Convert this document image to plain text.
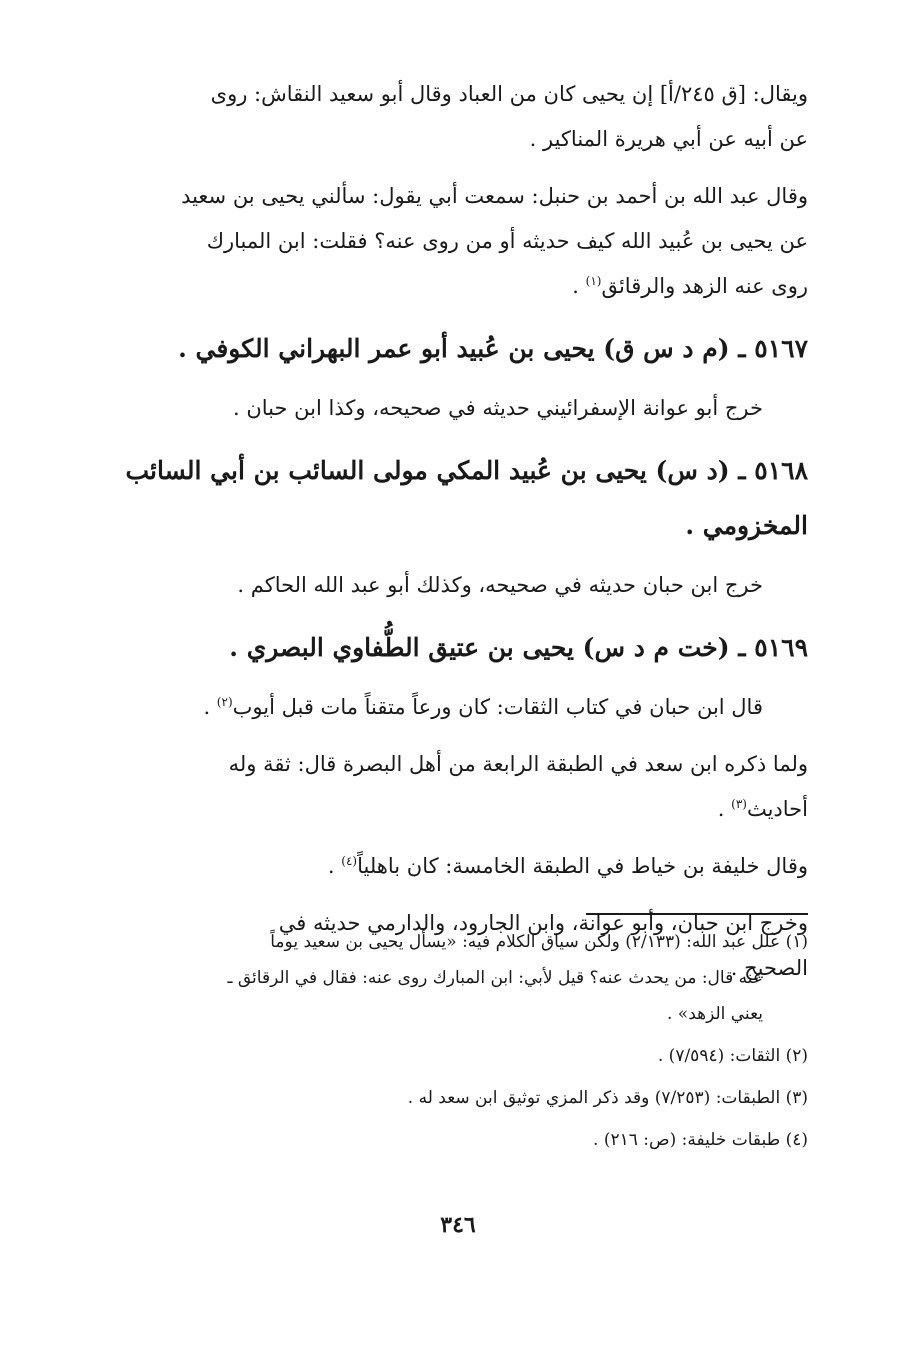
ويقال: [ق ٢٤٥/أ] إن يحيى كان من العباد وقال أبو سعيد النقاش: روى
عن أبيه عن أبي هريرة المناكير .
وقال عبد الله بن أحمد بن حنبل: سمعت أبي يقول: سألني يحيى بن سعيد
عن يحيى بن عُبيد الله كيف حديثه أو من روى عنه؟ فقلت: ابن المبارك
روى عنه الزهد والرقائق$^{(١)}$ .
٥١٦٧ ـ (م د س ق) يحيى بن عُبيد أبو عمر البهراني الكوفي .
خرج أبو عوانة الإسفرائيني حديثه في صحيحه، وكذا ابن حبان .
٥١٦٨ ـ (د س) يحيى بن عُبيد المكي مولى السائب بن أبي السائب
المخزومي .
خرج ابن حبان حديثه في صحيحه، وكذلك أبو عبد الله الحاكم .
٥١٦٩ ـ (خت م د س) يحيى بن عتيق الطُّفاوي البصري .
قال ابن حبان في كتاب الثقات: كان ورعاً متقناً مات قبل أيوب$^{(٢)}$ .
ولما ذكره ابن سعد في الطبقة الرابعة من أهل البصرة قال: ثقة وله
أحاديث$^{(٣)}$ .
وقال خليفة بن خياط في الطبقة الخامسة: كان باهلياً$^{(٤)}$ .
وخرج ابن حبان، وأبو عوانة، وابن الجارود، والدارمي حديثه في
الصحيح .
(١) علل عبد الله: (٢/١٣٣) ولكن سياق الكلام فيه: «يسأل يحيى بن سعيد يوماً
عنه قال: من يحدث عنه؟ قيل لأبي: ابن المبارك روى عنه: فقال في الرقائق ـ
يعني الزهد» .
(٢) الثقات: (٧/٥٩٤) .
(٣) الطبقات: (٧/٢٥٣) وقد ذكر المزي توثيق ابن سعد له .
(٤) طبقات خليفة: (ص: ٢١٦) .
٣٤٦
